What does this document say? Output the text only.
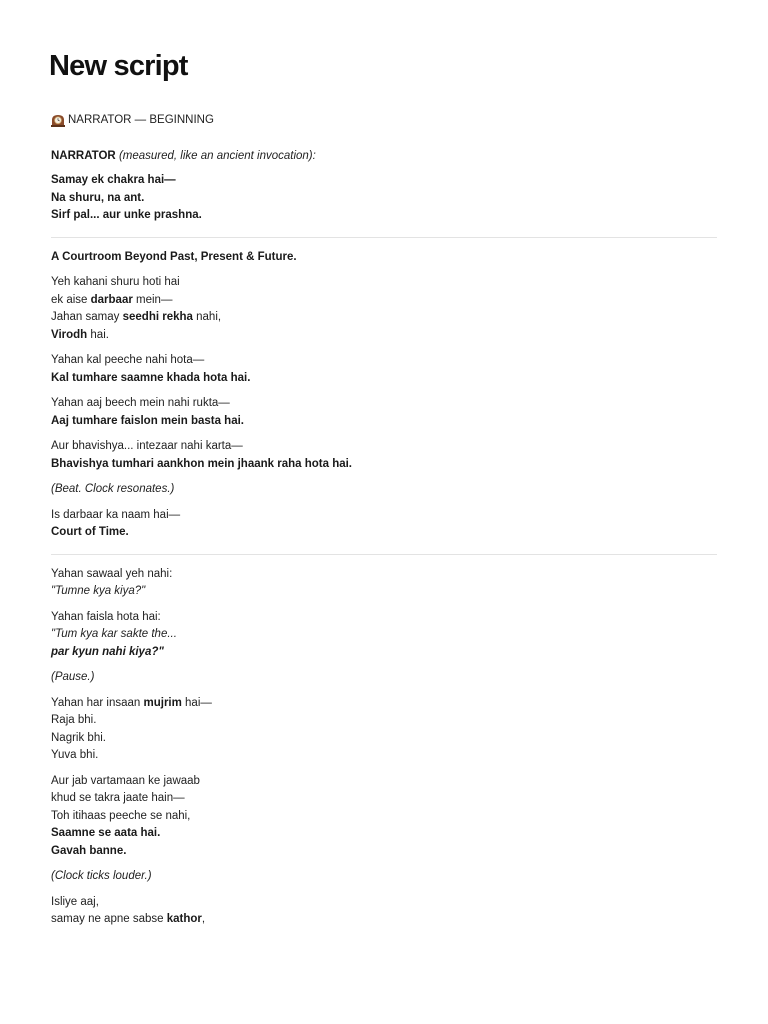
New script
NARRATOR — BEGINNING
NARRATOR (measured, like an ancient invocation):
Samay ek chakra hai—
Na shuru, na ant.
Sirf pal... aur unke prashna.
A Courtroom Beyond Past, Present & Future.
Yeh kahani shuru hoti hai
ek aise darbaar mein—
Jahan samay seedhi rekha nahi,
Virodh hai.
Yahan kal peeche nahi hota—
Kal tumhare saamne khada hota hai.
Yahan aaj beech mein nahi rukta—
Aaj tumhare faislon mein basta hai.
Aur bhavishya... intezaar nahi karta—
Bhavishya tumhari aankhon mein jhaank raha hota hai.
(Beat. Clock resonates.)
Is darbaar ka naam hai—
Court of Time.
Yahan sawaal yeh nahi:
"Tumne kya kiya?"
Yahan faisla hota hai:
"Tum kya kar sakte the...
par kyun nahi kiya?"
(Pause.)
Yahan har insaan mujrim hai—
Raja bhi.
Nagrik bhi.
Yuva bhi.
Aur jab vartamaan ke jawaab
khud se takra jaate hain—
Toh itihaas peeche se nahi,
Saamne se aata hai.
Gavah banne.
(Clock ticks louder.)
Isliye aaj,
samay ne apne sabse kathor,
